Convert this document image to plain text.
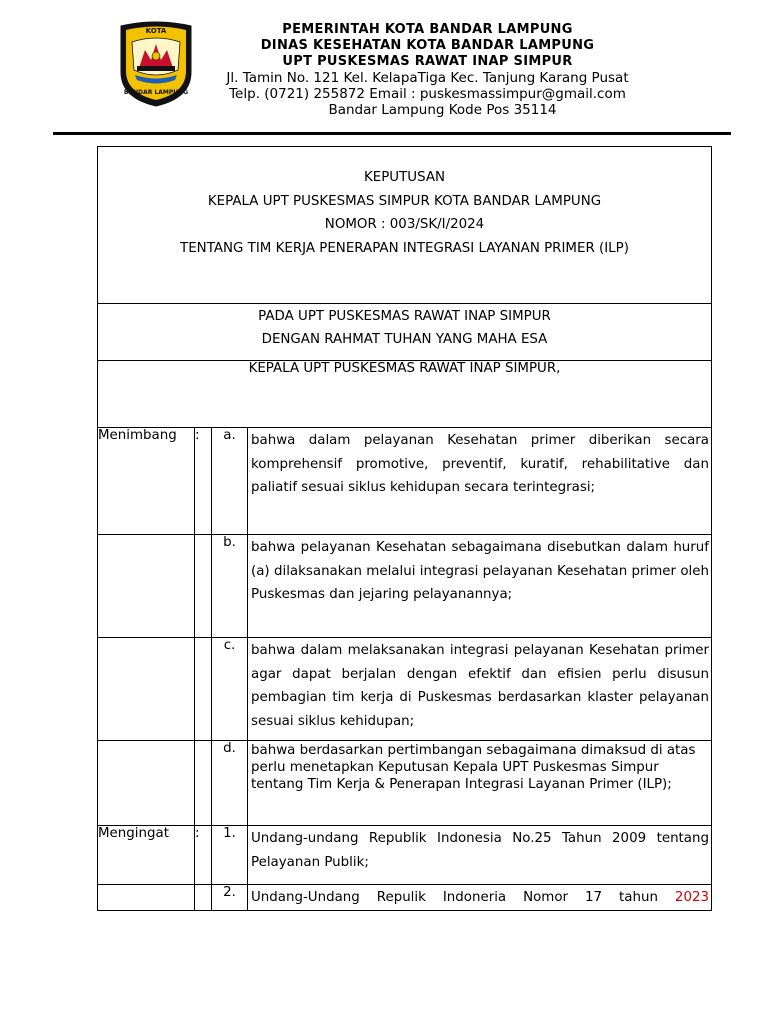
KOTA
BANDAR LAMPUNG
PEMERINTAH KOTA BANDAR LAMPUNG
DINAS KESEHATAN KOTA BANDAR LAMPUNG
UPT PUSKESMAS RAWAT INAP SIMPUR
Jl. Tamin No. 121 Kel. KelapaTiga Kec. Tanjung Karang Pusat
Telp. (0721) 255872 Email : puskesmassimpur@gmail.com
Bandar Lampung Kode Pos 35114

KEPUTUSAN

KEPALA UPT PUSKESMAS SIMPUR KOTA BANDAR LAMPUNG

NOMOR : 003/SK/I/2024

TENTANG TIM KERJA PENERAPAN INTEGRASI LAYANAN PRIMER (ILP)			

PADA UPT PUSKESMAS RAWAT INAP SIMPUR
DENGAN RAHMAT TUHAN YANG MAHA ESA			

KEPALA UPT PUSKESMAS RAWAT INAP SIMPUR,			

Menimbang	:	a.	bahwa dalam pelayanan Kesehatan primer diberikan secara komprehensif promotive, preventif, kuratif, rehabilitative dan paliatif sesuai siklus kehidupan secara terintegrasi;

		b.	bahwa pelayanan Kesehatan sebagaimana disebutkan dalam huruf (a) dilaksanakan melalui integrasi pelayanan Kesehatan primer oleh Puskesmas dan jejaring pelayanannya;

		c.	bahwa dalam melaksanakan integrasi pelayanan Kesehatan primer agar dapat berjalan dengan efektif dan efisien perlu disusun pembagian tim kerja di Puskesmas berdasarkan klaster pelayanan sesuai siklus kehidupan;

		d.	bahwa berdasarkan pertimbangan sebagaimana dimaksud di atas perlu menetapkan Keputusan Kepala UPT Puskesmas Simpur tentang Tim Kerja & Penerapan Integrasi Layanan Primer (ILP);

Mengingat	:	1.	Undang-undang Republik Indonesia No.25 Tahun 2009 tentang Pelayanan Publik;

		2.	Undang-Undang Repulik Indoneria Nomor 17 tahun 2023
